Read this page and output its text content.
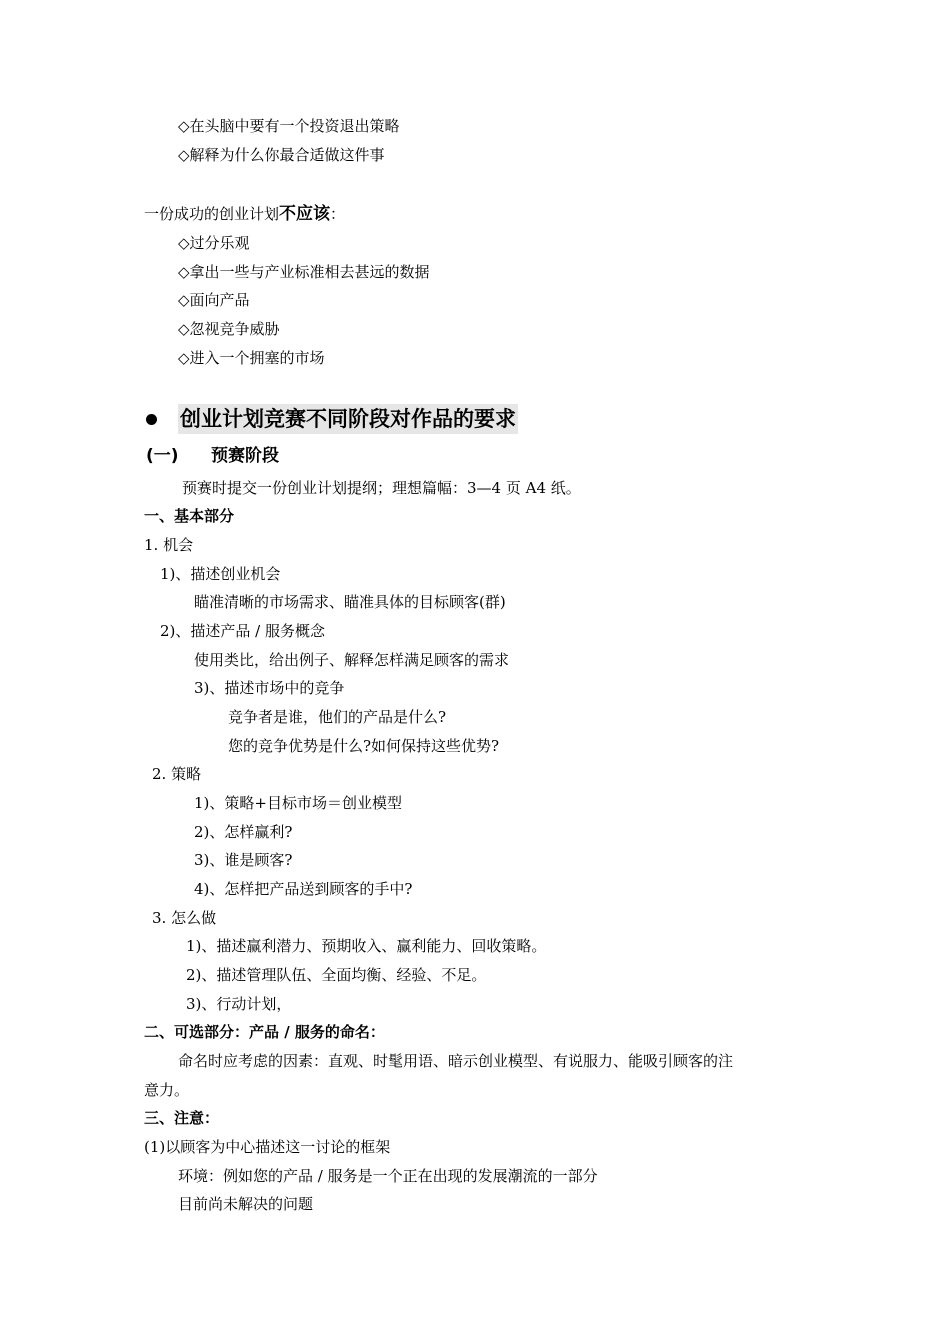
◇在头脑中要有一个投资退出策略
◇解释为什么你最合适做这件事
一份成功的创业计划不应该：
◇过分乐观
◇拿出一些与产业标准相去甚远的数据
◇面向产品
◇忽视竞争威胁
◇进入一个拥塞的市场
创业计划竞赛不同阶段对作品的要求
(一) 预赛阶段
预赛时提交一份创业计划提纲；理想篇幅：3—4 页 A4 纸。
一、基本部分
1. 机会
1)、描述创业机会
瞄准清晰的市场需求、瞄准具体的目标顾客(群)
2)、描述产品 / 服务概念
使用类比，给出例子、解释怎样满足顾客的需求
3)、描述市场中的竞争
竞争者是谁，他们的产品是什么?
您的竞争优势是什么?如何保持这些优势?
2. 策略
1)、策略+目标市场＝创业模型
2)、怎样赢利?
3)、谁是顾客?
4)、怎样把产品送到顾客的手中?
3. 怎么做
1)、描述赢利潜力、预期收入、赢利能力、回收策略。
2)、描述管理队伍、全面均衡、经验、不足。
3)、行动计划，
二、可选部分：产品 / 服务的命名：
命名时应考虑的因素：直观、时髦用语、暗示创业模型、有说服力、能吸引顾客的注
意力。
三、注意：
(1)以顾客为中心描述这一讨论的框架
环境：例如您的产品 / 服务是一个正在出现的发展潮流的一部分
目前尚未解决的问题
